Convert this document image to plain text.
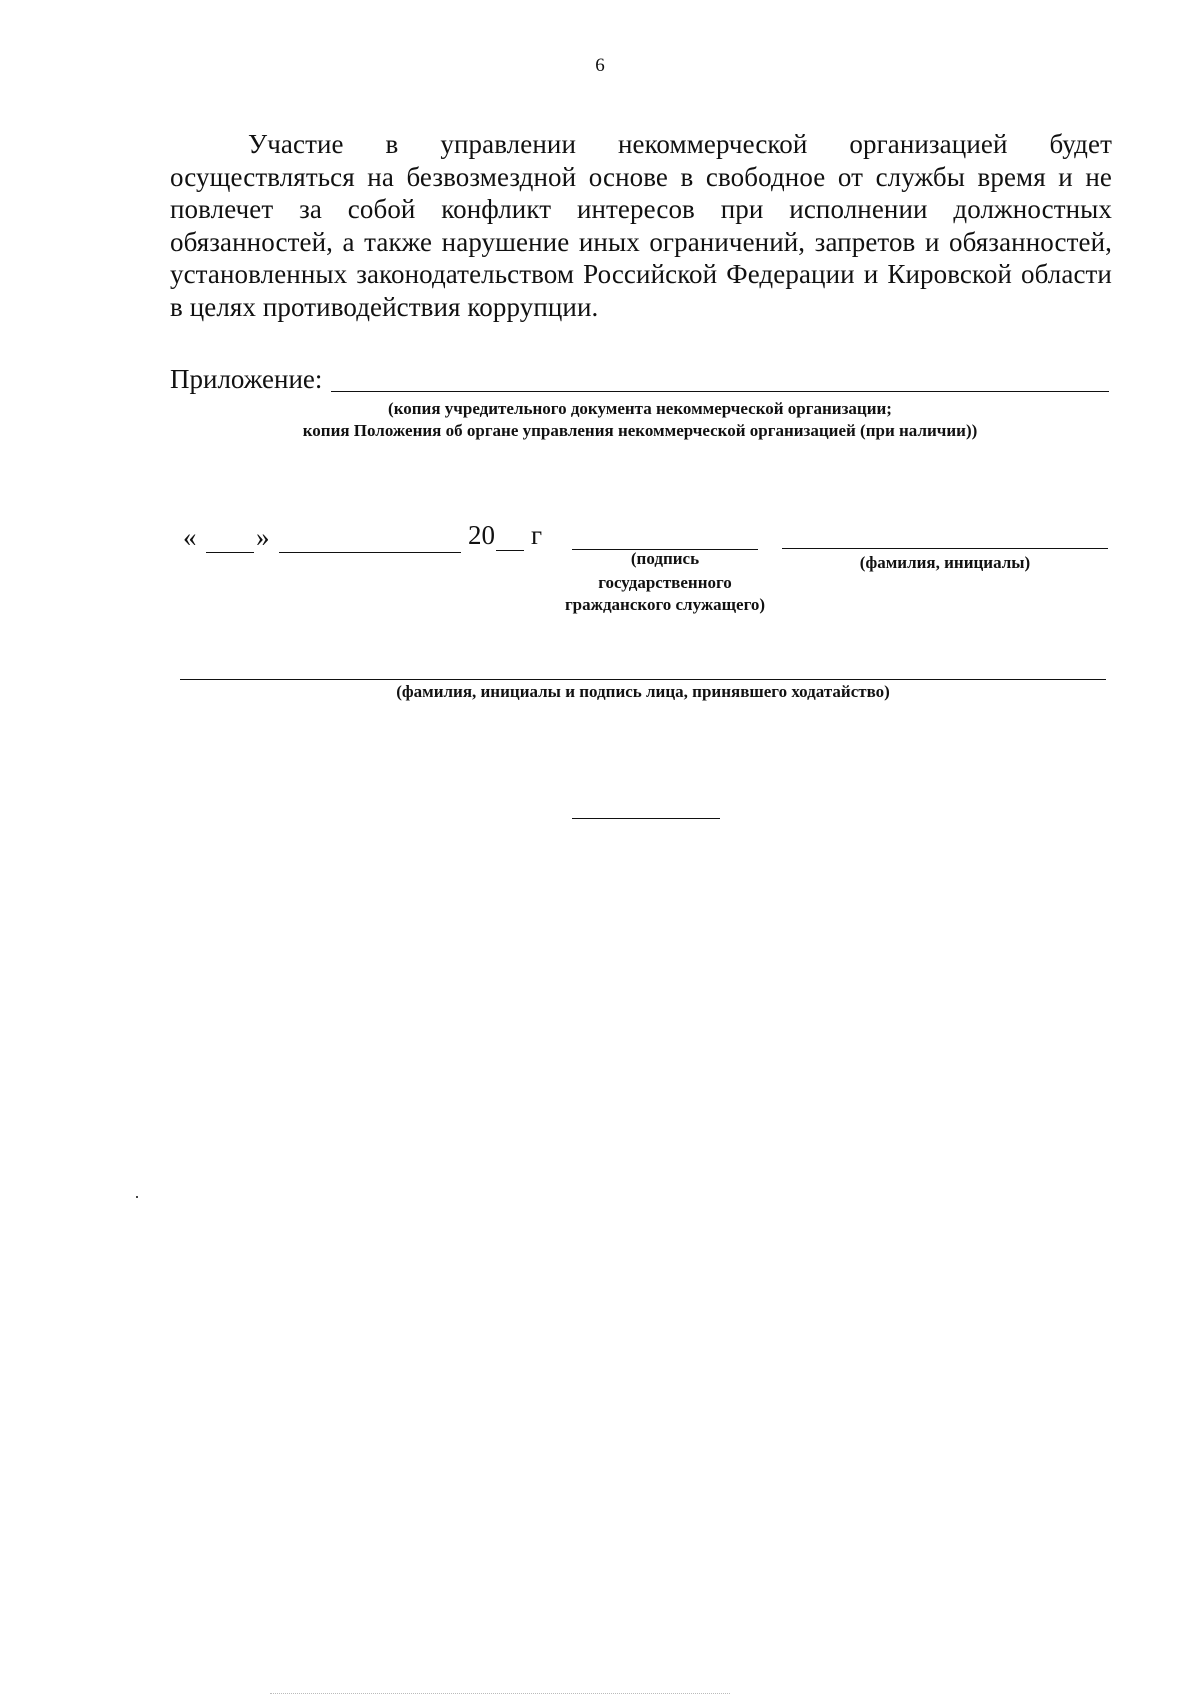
6

Участие в управлении некоммерческой организацией будет осуществляться на безвозмездной основе в свободное от службы время и не повлечет за собой конфликт интересов при исполнении должностных обязанностей, а также нарушение иных ограничений, запретов и обязанностей, установленных законодательством Российской Федерации и Кировской области в целях противодействия коррупции.

Приложение:
(копия учредительного документа некоммерческой организации;
копия Положения об органе управления некоммерческой организацией (при наличии))
« »	20 г
(подпись
государственного
гражданского служащего)
(фамилия, инициалы)
(фамилия, инициалы и подпись лица, принявшего ходатайство)
